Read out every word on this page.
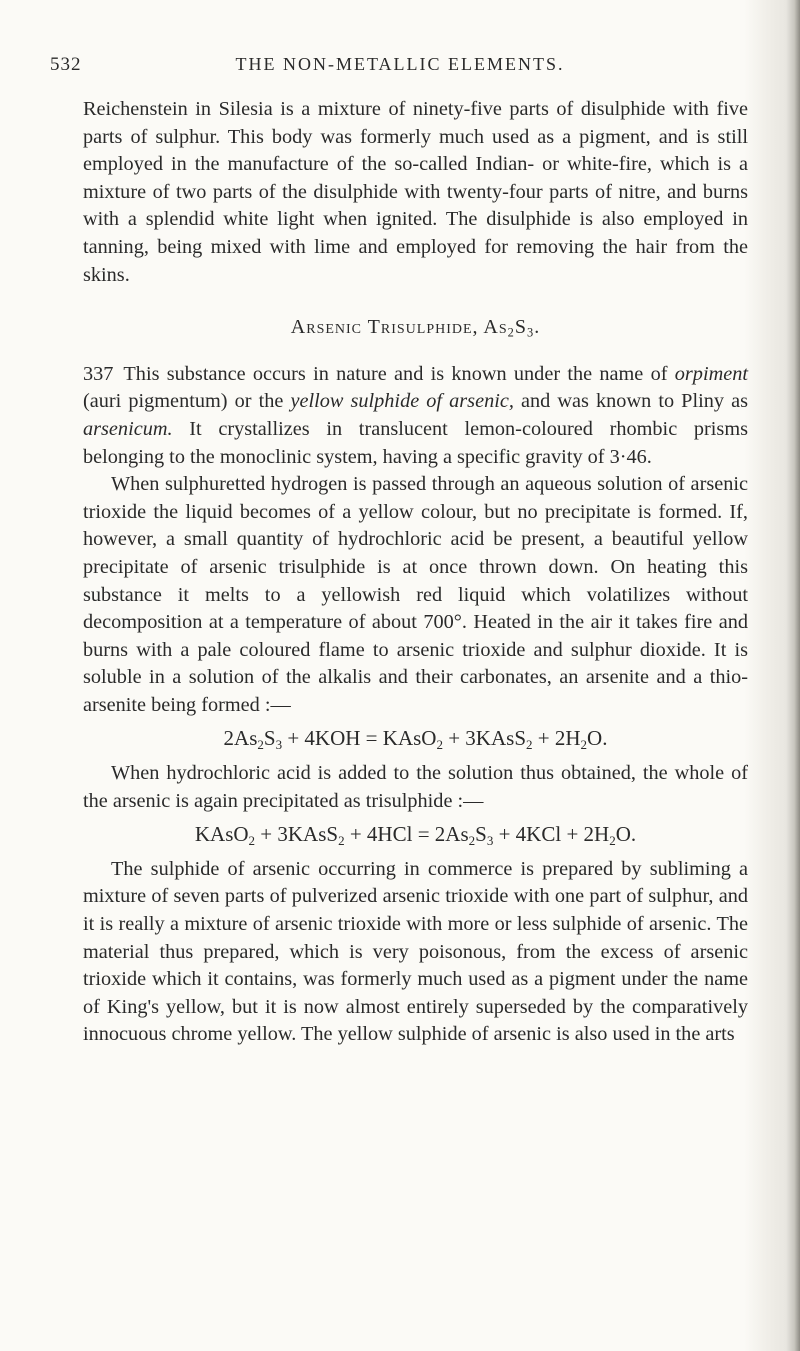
532	THE NON-METALLIC ELEMENTS.

Reichenstein in Silesia is a mixture of ninety-five parts of disulphide with five parts of sulphur. This body was formerly much used as a pigment, and is still employed in the manufacture of the so-called Indian- or white-fire, which is a mixture of two parts of the disulphide with twenty-four parts of nitre, and burns with a splendid white light when ignited. The disulphide is also employed in tanning, being mixed with lime and employed for removing the hair from the skins.

Arsenic Trisulphide, $As_2S_3$.

337 This substance occurs in nature and is known under the name of orpiment (auri pigmentum) or the yellow sulphide of arsenic, and was known to Pliny as arsenicum. It crystallizes in translucent lemon-coloured rhombic prisms belonging to the monoclinic system, having a specific gravity of 3·46.

When sulphuretted hydrogen is passed through an aqueous solution of arsenic trioxide the liquid becomes of a yellow colour, but no precipitate is formed. If, however, a small quantity of hydrochloric acid be present, a beautiful yellow precipitate of arsenic trisulphide is at once thrown down. On heating this substance it melts to a yellowish red liquid which volatilizes without decomposition at a temperature of about 700°. Heated in the air it takes fire and burns with a pale coloured flame to arsenic trioxide and sulphur dioxide. It is soluble in a solution of the alkalis and their carbonates, an arsenite and a thio-arsenite being formed :—

$2As_2S_3 + 4KOH$ = KAsO$_2$ + 3KAsS$_2$ + $2H_2O$.

When hydrochloric acid is added to the solution thus obtained, the whole of the arsenic is again precipitated as trisulphide :—

KAsO$_2$ + 3KAsS$_2$ + $4HCl = 2As_2S_3 + 4KCl + 2H_2O$.

The sulphide of arsenic occurring in commerce is prepared by subliming a mixture of seven parts of pulverized arsenic trioxide with one part of sulphur, and it is really a mixture of arsenic trioxide with more or less sulphide of arsenic. The material thus prepared, which is very poisonous, from the excess of arsenic trioxide which it contains, was formerly much used as a pigment under the name of King's yellow, but it is now almost entirely superseded by the comparatively innocuous chrome yellow. The yellow sulphide of arsenic is also used in the arts
